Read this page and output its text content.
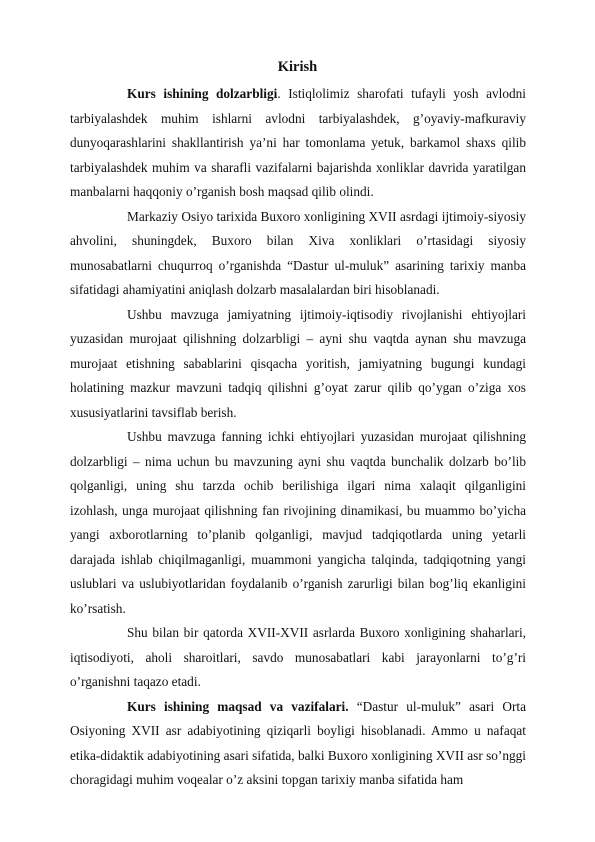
Kirish

Kurs ishining dolzarbligi. Istiqlolimiz sharofati tufayli yosh avlodni tarbiyalashdek muhim ishlarni avlodni tarbiyalashdek, g’oyaviy-mafkuraviy dunyoqarashlarini shakllantirish ya’ni har tomonlama yetuk, barkamol shaxs qilib tarbiyalashdek muhim va sharafli vazifalarni bajarishda xonliklar davrida yaratilgan manbalarni haqqoniy o’rganish bosh maqsad qilib olindi.

Markaziy Osiyo tarixida Buxoro xonligining XVII asrdagi ijtimoiy-siyosiy ahvolini, shuningdek, Buxoro bilan Xiva xonliklari o’rtasidagi siyosiy munosabatlarni chuqurroq o’rganishda “Dastur ul-muluk” asarining tarixiy manba sifatidagi ahamiyatini aniqlash dolzarb masalalardan biri hisoblanadi.

Ushbu mavzuga jamiyatning ijtimoiy-iqtisodiy rivojlanishi ehtiyojlari yuzasidan murojaat qilishning dolzarbligi – ayni shu vaqtda aynan shu mavzuga murojaat etishning sabablarini qisqacha yoritish, jamiyatning bugungi kundagi holatining mazkur mavzuni tadqiq qilishni g’oyat zarur qilib qo’ygan o’ziga xos xususiyatlarini tavsiflab berish.

Ushbu mavzuga fanning ichki ehtiyojlari yuzasidan murojaat qilishning dolzarbligi – nima uchun bu mavzuning ayni shu vaqtda bunchalik dolzarb bo’lib qolganligi, uning shu tarzda ochib berilishiga ilgari nima xalaqit qilganligini izohlash, unga murojaat qilishning fan rivojining dinamikasi, bu muammo bo’yicha yangi axborotlarning to’planib qolganligi, mavjud tadqiqotlarda uning yetarli darajada ishlab chiqilmaganligi, muammoni yangicha talqinda, tadqiqotning yangi uslublari va uslubiyotlaridan foydalanib o’rganish zarurligi bilan bog’liq ekanligini ko’rsatish.

Shu bilan bir qatorda XVII-XVII asrlarda Buxoro xonligining shaharlari, iqtisodiyoti, aholi sharoitlari, savdo munosabatlari kabi jarayonlarni to’g’ri o’rganishni taqazo etadi.

Kurs ishining maqsad va vazifalari. “Dastur ul-muluk” asari Orta Osiyoning XVII asr adabiyotining qiziqarli boyligi hisoblanadi. Ammo u nafaqat etika-didaktik adabiyotining asari sifatida, balki Buxoro xonligining XVII asr so’nggi choragidagi muhim voqealar o’z aksini topgan tarixiy manba sifatida ham
